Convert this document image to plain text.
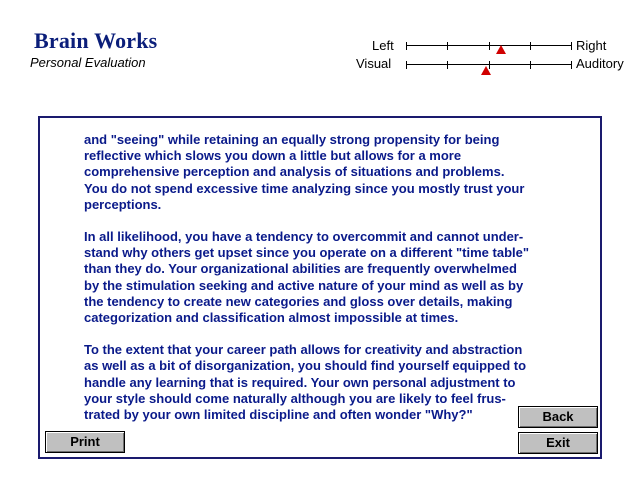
Brain Works
Personal Evaluation
Left	Right
Visual	Auditory

and "seeing" while retaining an equally strong propensity for being
reflective which slows you down a little but allows for a more
comprehensive perception and analysis of situations and problems.
You do not spend excessive time analyzing since you mostly trust your
perceptions.

In all likelihood, you have a tendency to overcommit and cannot under-
stand why others get upset since you operate on a different "time table"
than they do. Your organizational abilities are frequently overwhelmed
by the stimulation seeking and active nature of your mind as well as by
the tendency to create new categories and gloss over details, making
categorization and classification almost impossible at times.

To the extent that your career path allows for creativity and abstraction
as well as a bit of disorganization, you should find yourself equipped to
handle any learning that is required. Your own personal adjustment to
your style should come naturally although you are likely to feel frus-
trated by your own limited discipline and often wonder "Why?"

Print
Back
Exit
